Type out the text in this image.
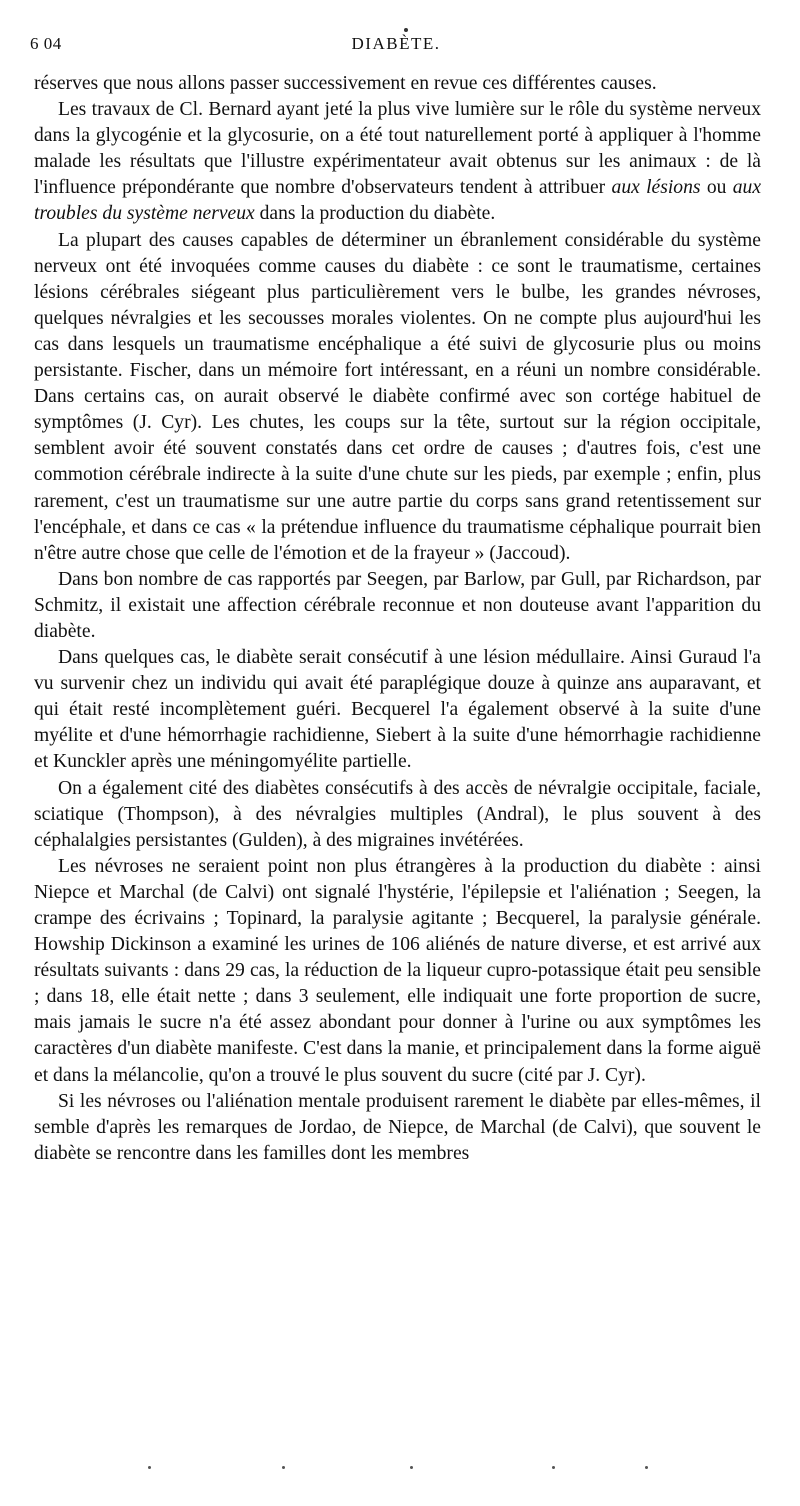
6 04	DIABÈTE.

réserves que nous allons passer successivement en revue ces différentes causes.

Les travaux de Cl. Bernard ayant jeté la plus vive lumière sur le rôle du système nerveux dans la glycogénie et la glycosurie, on a été tout naturellement porté à appliquer à l'homme malade les résultats que l'illustre expérimentateur avait obtenus sur les animaux : de là l'influence prépondérante que nombre d'observateurs tendent à attribuer aux lésions ou aux troubles du système nerveux dans la production du diabète.

La plupart des causes capables de déterminer un ébranlement considérable du système nerveux ont été invoquées comme causes du diabète : ce sont le traumatisme, certaines lésions cérébrales siégeant plus particulièrement vers le bulbe, les grandes névroses, quelques névralgies et les secousses morales violentes. On ne compte plus aujourd'hui les cas dans lesquels un traumatisme encéphalique a été suivi de glycosurie plus ou moins persistante. Fischer, dans un mémoire fort intéressant, en a réuni un nombre considérable. Dans certains cas, on aurait observé le diabète confirmé avec son cortége habituel de symptômes (J. Cyr). Les chutes, les coups sur la tête, surtout sur la région occipitale, semblent avoir été souvent constatés dans cet ordre de causes ; d'autres fois, c'est une commotion cérébrale indirecte à la suite d'une chute sur les pieds, par exemple ; enfin, plus rarement, c'est un traumatisme sur une autre partie du corps sans grand retentissement sur l'encéphale, et dans ce cas « la prétendue influence du traumatisme céphalique pourrait bien n'être autre chose que celle de l'émotion et de la frayeur » (Jaccoud).

Dans bon nombre de cas rapportés par Seegen, par Barlow, par Gull, par Richardson, par Schmitz, il existait une affection cérébrale reconnue et non douteuse avant l'apparition du diabète.

Dans quelques cas, le diabète serait consécutif à une lésion médullaire. Ainsi Guraud l'a vu survenir chez un individu qui avait été paraplégique douze à quinze ans auparavant, et qui était resté incomplètement guéri. Becquerel l'a également observé à la suite d'une myélite et d'une hémorrhagie rachidienne, Siebert à la suite d'une hémorrhagie rachidienne et Kunckler après une méningomyélite partielle.

On a également cité des diabètes consécutifs à des accès de névralgie occipitale, faciale, sciatique (Thompson), à des névralgies multiples (Andral), le plus souvent à des céphalalgies persistantes (Gulden), à des migraines invétérées.

Les névroses ne seraient point non plus étrangères à la production du diabète : ainsi Niepce et Marchal (de Calvi) ont signalé l'hystérie, l'épilepsie et l'aliénation ; Seegen, la crampe des écrivains ; Topinard, la paralysie agitante ; Becquerel, la paralysie générale. Howship Dickinson a examiné les urines de 106 aliénés de nature diverse, et est arrivé aux résultats suivants : dans 29 cas, la réduction de la liqueur cupro-potassique était peu sensible ; dans 18, elle était nette ; dans 3 seulement, elle indiquait une forte proportion de sucre, mais jamais le sucre n'a été assez abondant pour donner à l'urine ou aux symptômes les caractères d'un diabète manifeste. C'est dans la manie, et principalement dans la forme aiguë et dans la mélancolie, qu'on a trouvé le plus souvent du sucre (cité par J. Cyr).

Si les névroses ou l'aliénation mentale produisent rarement le diabète par elles-mêmes, il semble d'après les remarques de Jordao, de Niepce, de Marchal (de Calvi), que souvent le diabète se rencontre dans les familles dont les membres
